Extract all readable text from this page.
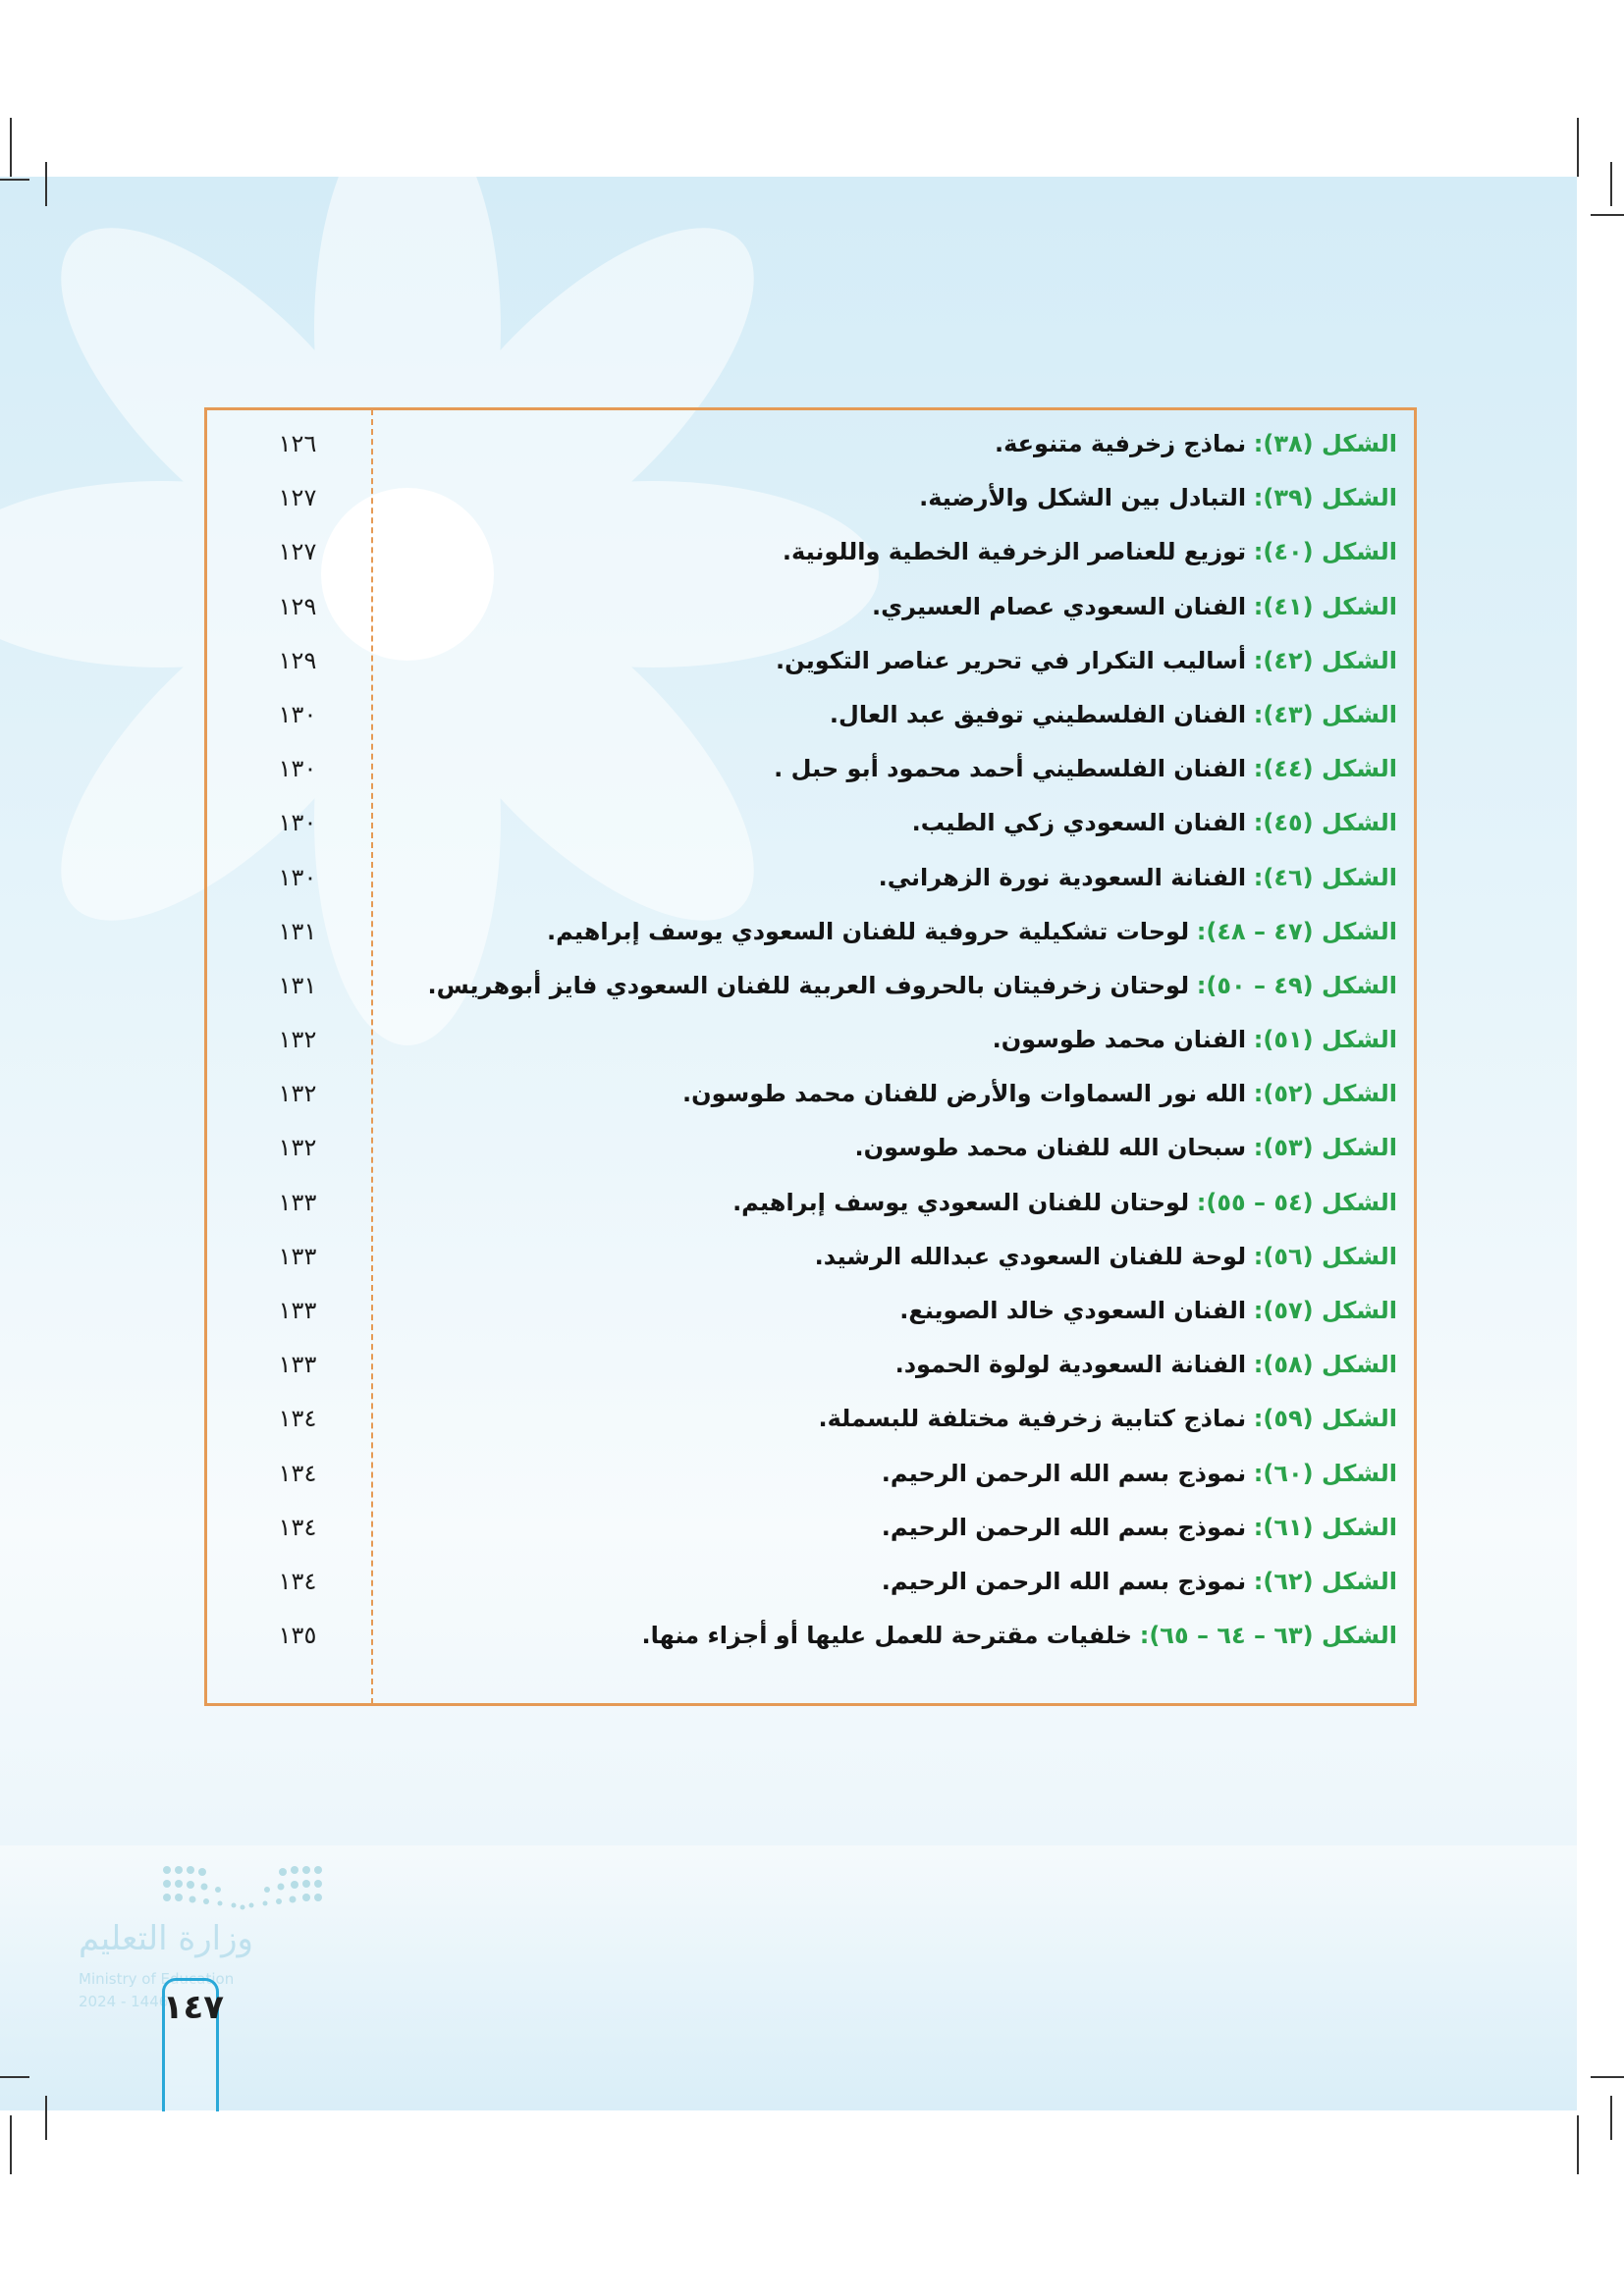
الشكل (٣٨): نماذج زخرفية متنوعة.
١٢٦
الشكل (٣٩): التبادل بين الشكل والأرضية.
١٢٧
الشكل (٤٠): توزيع للعناصر الزخرفية الخطية واللونية.
١٢٧
الشكل (٤١): الفنان السعودي عصام العسيري.
١٢٩
الشكل (٤٢): أساليب التكرار في تحرير عناصر التكوين.
١٢٩
الشكل (٤٣): الفنان الفلسطيني توفيق عبد العال.
١٣٠
الشكل (٤٤): الفنان الفلسطيني أحمد محمود أبو حبل .
١٣٠
الشكل (٤٥): الفنان السعودي زكي الطيب.
١٣٠
الشكل (٤٦): الفنانة السعودية نورة الزهراني.
١٣٠
الشكل (٤٧ – ٤٨): لوحات تشكيلية حروفية للفنان السعودي يوسف إبراهيم.
١٣١
الشكل (٤٩ – ٥٠): لوحتان زخرفيتان بالحروف العربية للفنان السعودي فايز أبوهريس.
١٣١
الشكل (٥١): الفنان محمد طوسون.
١٣٢
الشكل (٥٢): الله نور السماوات والأرض للفنان محمد طوسون.
١٣٢
الشكل (٥٣): سبحان الله للفنان محمد طوسون.
١٣٢
الشكل (٥٤ – ٥٥): لوحتان للفنان السعودي يوسف إبراهيم.
١٣٣
الشكل (٥٦): لوحة للفنان السعودي عبدالله الرشيد.
١٣٣
الشكل (٥٧): الفنان السعودي خالد الصوينع.
١٣٣
الشكل (٥٨): الفنانة السعودية لولوة الحمود.
١٣٣
الشكل (٥٩): نماذج كتابية زخرفية مختلفة للبسملة.
١٣٤
الشكل (٦٠): نموذج بسم الله الرحمن الرحيم.
١٣٤
الشكل (٦١): نموذج بسم الله الرحمن الرحيم.
١٣٤
الشكل (٦٢): نموذج بسم الله الرحمن الرحيم.
١٣٤
الشكل (٦٣ – ٦٤ – ٦٥): خلفيات مقترحة للعمل عليها أو أجزاء منها.
١٣٥
وزارة التعليم
Ministry of Education
2024 - 1446
١٤٧
